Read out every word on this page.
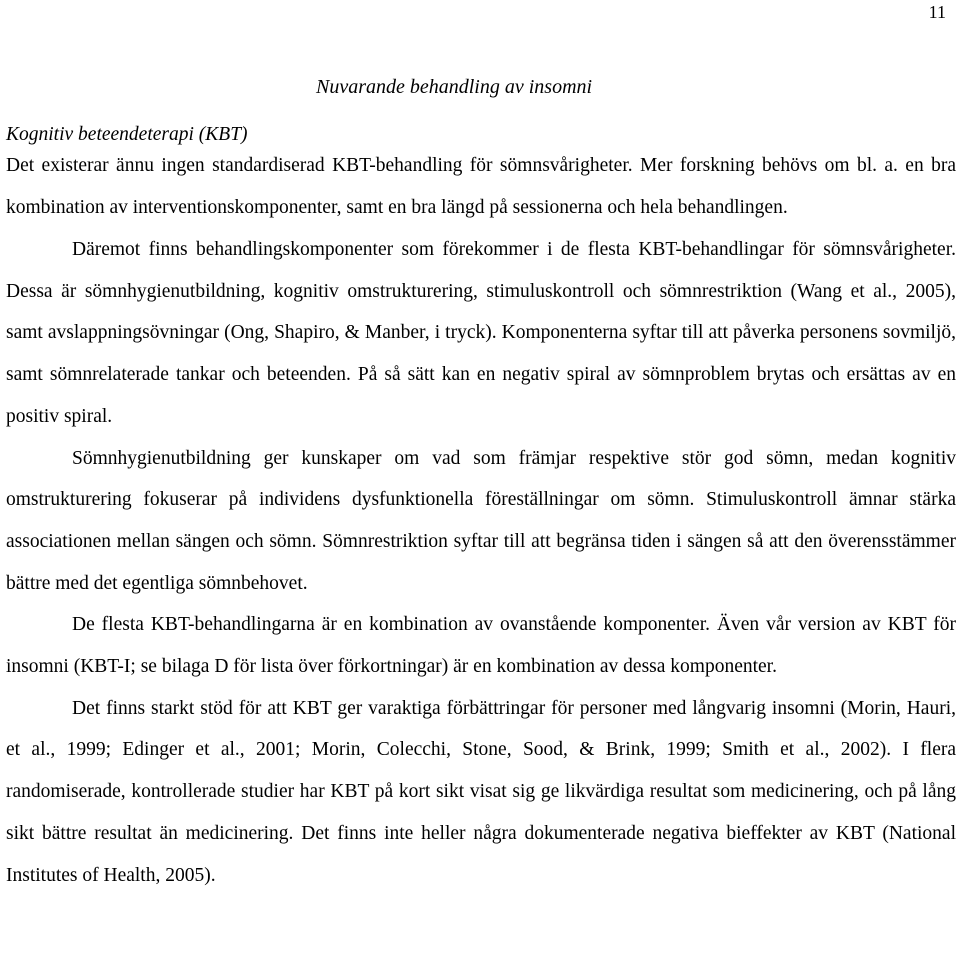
11
Nuvarande behandling av insomni

Kognitiv beteendeterapi (KBT)

Det existerar ännu ingen standardiserad KBT-behandling för sömnsvårigheter. Mer forskning behövs om bl. a. en bra kombination av interventionskomponenter, samt en bra längd på sessionerna och hela behandlingen.

Däremot finns behandlingskomponenter som förekommer i de flesta KBT-behandlingar för sömnsvårigheter. Dessa är sömnhygienutbildning, kognitiv omstrukturering, stimuluskontroll och sömnrestriktion (Wang et al., 2005), samt avslappningsövningar (Ong, Shapiro, & Manber, i tryck). Komponenterna syftar till att påverka personens sovmiljö, samt sömnrelaterade tankar och beteenden. På så sätt kan en negativ spiral av sömnproblem brytas och ersättas av en positiv spiral.

Sömnhygienutbildning ger kunskaper om vad som främjar respektive stör god sömn, medan kognitiv omstrukturering fokuserar på individens dysfunktionella föreställningar om sömn. Stimuluskontroll ämnar stärka associationen mellan sängen och sömn. Sömnrestriktion syftar till att begränsa tiden i sängen så att den överensstämmer bättre med det egentliga sömnbehovet.

De flesta KBT-behandlingarna är en kombination av ovanstående komponenter. Även vår version av KBT för insomni (KBT-I; se bilaga D för lista över förkortningar) är en kombination av dessa komponenter.

Det finns starkt stöd för att KBT ger varaktiga förbättringar för personer med långvarig insomni (Morin, Hauri, et al., 1999; Edinger et al., 2001; Morin, Colecchi, Stone, Sood, & Brink, 1999; Smith et al., 2002). I flera randomiserade, kontrollerade studier har KBT på kort sikt visat sig ge likvärdiga resultat som medicinering, och på lång sikt bättre resultat än medicinering. Det finns inte heller några dokumenterade negativa bieffekter av KBT (National Institutes of Health, 2005).
